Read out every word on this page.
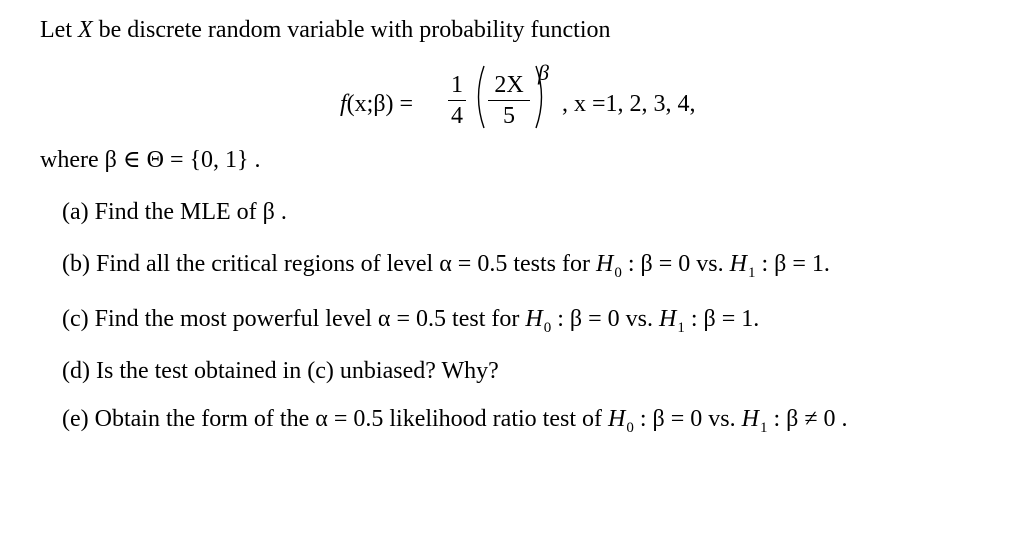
Let X be discrete random variable with probability function
f(x;β) =
1
4
2X
5
β
, x =1, 2, 3, 4,
where β ∈ Θ = {0, 1} .
(a) Find the MLE of β .
(b) Find all the critical regions of level α = 0.5 tests for $H_0$ : β = 0 vs. $H_1$ : β = 1.
(c) Find the most powerful level α = 0.5 test for $H_0$ : β = 0 vs. $H_1$ : β = 1.
(d) Is the test obtained in (c) unbiased? Why?
(e) Obtain the form of the α = 0.5 likelihood ratio test of $H_0$ : β = 0 vs. $H_1$ : β ≠ 0 .
